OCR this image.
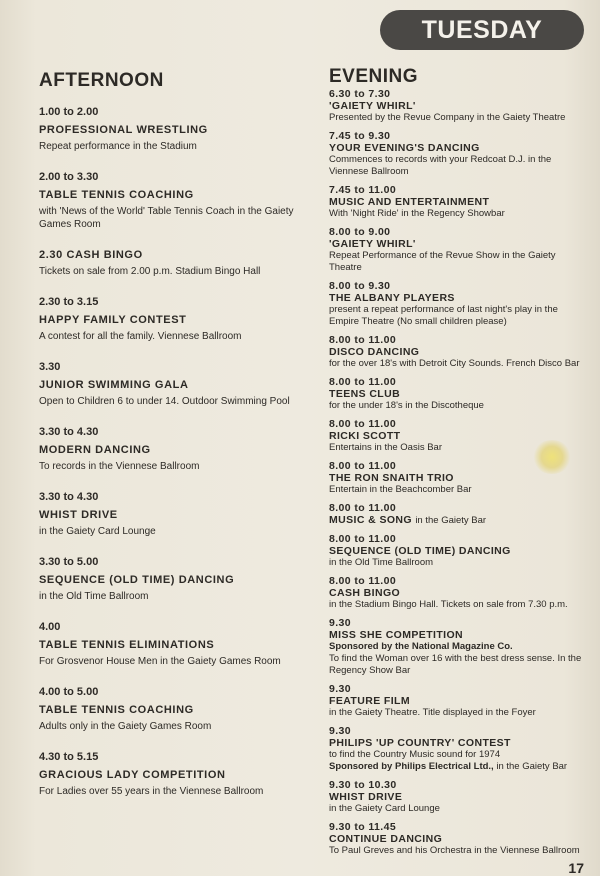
TUESDAY
AFTERNOON
1.00 to 2.00
PROFESSIONAL WRESTLING
Repeat performance in the Stadium
2.00 to 3.30
TABLE TENNIS COACHING
with 'News of the World' Table Tennis Coach in the Gaiety Games Room
2.30 CASH BINGO
Tickets on sale from 2.00 p.m. Stadium Bingo Hall
2.30 to 3.15
HAPPY FAMILY CONTEST
A contest for all the family. Viennese Ballroom
3.30
JUNIOR SWIMMING GALA
Open to Children 6 to under 14. Outdoor Swimming Pool
3.30 to 4.30
MODERN DANCING
To records in the Viennese Ballroom
3.30 to 4.30
WHIST DRIVE
in the Gaiety Card Lounge
3.30 to 5.00
SEQUENCE (OLD TIME) DANCING
in the Old Time Ballroom
4.00
TABLE TENNIS ELIMINATIONS
For Grosvenor House Men in the Gaiety Games Room
4.00 to 5.00
TABLE TENNIS COACHING
Adults only in the Gaiety Games Room
4.30 to 5.15
GRACIOUS LADY COMPETITION
For Ladies over 55 years in the Viennese Ballroom
EVENING
6.30 to 7.30
'GAIETY WHIRL'
Presented by the Revue Company in the Gaiety Theatre
7.45 to 9.30
YOUR EVENING'S DANCING
Commences to records with your Redcoat D.J. in the Viennese Ballroom
7.45 to 11.00
MUSIC AND ENTERTAINMENT
With 'Night Ride' in the Regency Showbar
8.00 to 9.00
'GAIETY WHIRL'
Repeat Performance of the Revue Show in the Gaiety Theatre
8.00 to 9.30
THE ALBANY PLAYERS
present a repeat performance of last night's play in the Empire Theatre (No small children please)
8.00 to 11.00
DISCO DANCING
for the over 18's with Detroit City Sounds. French Disco Bar
8.00 to 11.00
TEENS CLUB
for the under 18's in the Discotheque
8.00 to 11.00
RICKI SCOTT
Entertains in the Oasis Bar
8.00 to 11.00
THE RON SNAITH TRIO
Entertain in the Beachcomber Bar
8.00 to 11.00
MUSIC & SONG in the Gaiety Bar
8.00 to 11.00
SEQUENCE (OLD TIME) DANCING
in the Old Time Ballroom
8.00 to 11.00
CASH BINGO
in the Stadium Bingo Hall. Tickets on sale from 7.30 p.m.
9.30
MISS SHE COMPETITION
Sponsored by the National Magazine Co.
To find the Woman over 16 with the best dress sense. In the Regency Show Bar
9.30
FEATURE FILM
in the Gaiety Theatre. Title displayed in the Foyer
9.30
PHILIPS 'UP COUNTRY' CONTEST
to find the Country Music sound for 1974
Sponsored by Philips Electrical Ltd., in the Gaiety Bar
9.30 to 10.30
WHIST DRIVE
in the Gaiety Card Lounge
9.30 to 11.45
CONTINUE DANCING
To Paul Greves and his Orchestra in the Viennese Ballroom
17
